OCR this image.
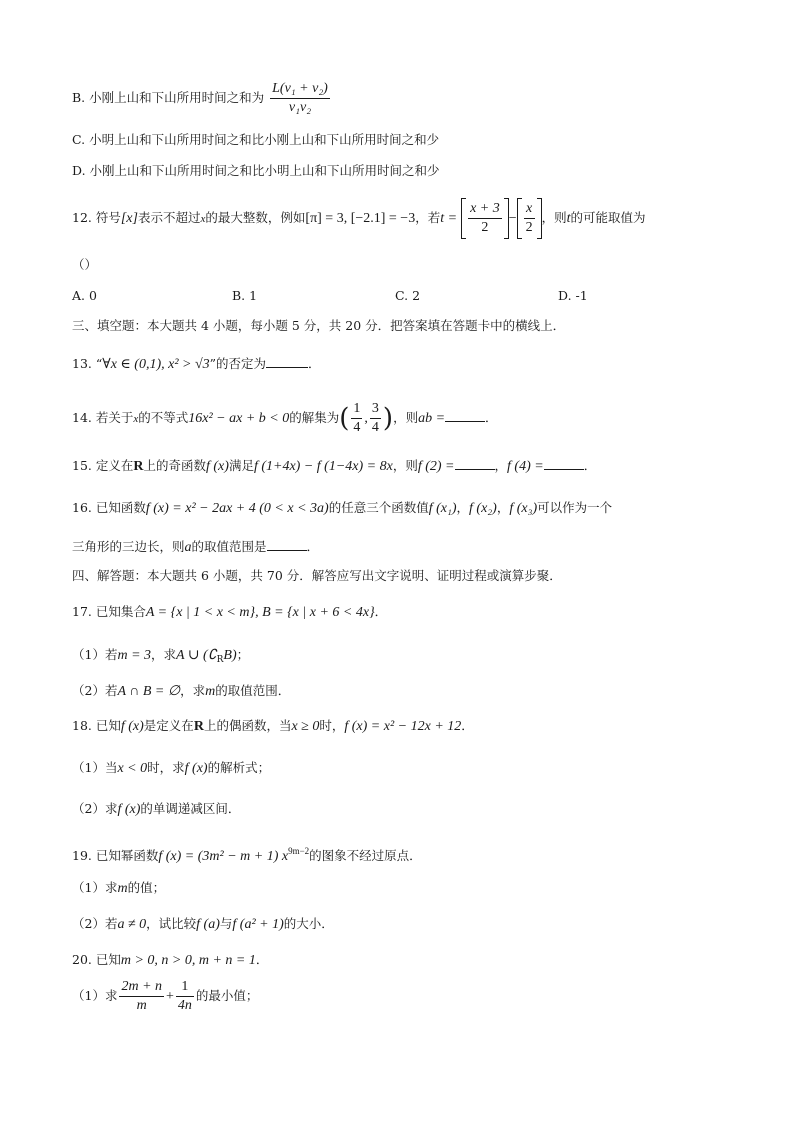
B. 小刚上山和下山所用时间之和为 $\frac{\text{L(v₁ + v₂)}}{\text{v₁v₂}}$
C. 小明上山和下山所用时间之和比小刚上山和下山所用时间之和少
D. 小刚上山和下山所用时间之和比小明上山和下山所用时间之和少
12. 符号[x]表示不超过x的最大整数，例如[π] = 3, [−2.1] = −3，若$t = \frac{x + 3}{2} - \frac{x}{2}$ ，则t的可能取值为
（）
A. 0	B. 1	C. 2	D. -1
三、填空题：本大题共 4 小题，每小题 5 分，共 20 分．把答案填在答题卡中的横线上．
13. “∀x ∈ (0,1), x² > √3”的否定为	．
14. 若关于x的不等式16x² − ax + b < 0的解集为( $\frac{1}{4}$ , $\frac{3}{4}$ )，则ab =	．
15. 定义在R上的奇函数f (x)满足f (1+4x) − f (1−4x) = 8x，则f (2) =	，f (4) =	．
16. 已知函数f (x) = x² − 2ax + 4 (0 < x < 3a)的任意三个函数值f (x₁)，f (x₂)，f (x₃)可以作为一个
三角形的三边长，则a的取值范围是	．
四、解答题：本大题共 6 小题，共 70 分．解答应写出文字说明、证明过程或演算步聚．
17. 已知集合A = {x | 1 < x < m}, B = {x | x + 6 < 4x}．
（1）若m = 3，求A ∪ $(∁_RB)$；
（2）若A ∩ B = ∅，求m的取值范围．
18. 已知f (x)是定义在R上的偶函数，当x ≥ 0时，f (x) = x² − 12x + 12．
（1）当x < 0时，求f (x)的解析式；
（2）求f (x)的单调递减区间．
19. 已知幂函数f (x) = (3m² − m + 1) $x^{9m-2}$的图象不经过原点．
（1）求m的值；
（2）若a ≠ 0，试比较f (a)与f (a² + 1)的大小．
20. 已知m > 0, n > 0, m + n = 1．
（1）求 $\frac{2m + n}{m} + \frac{1}{4n}$ 的最小值；
